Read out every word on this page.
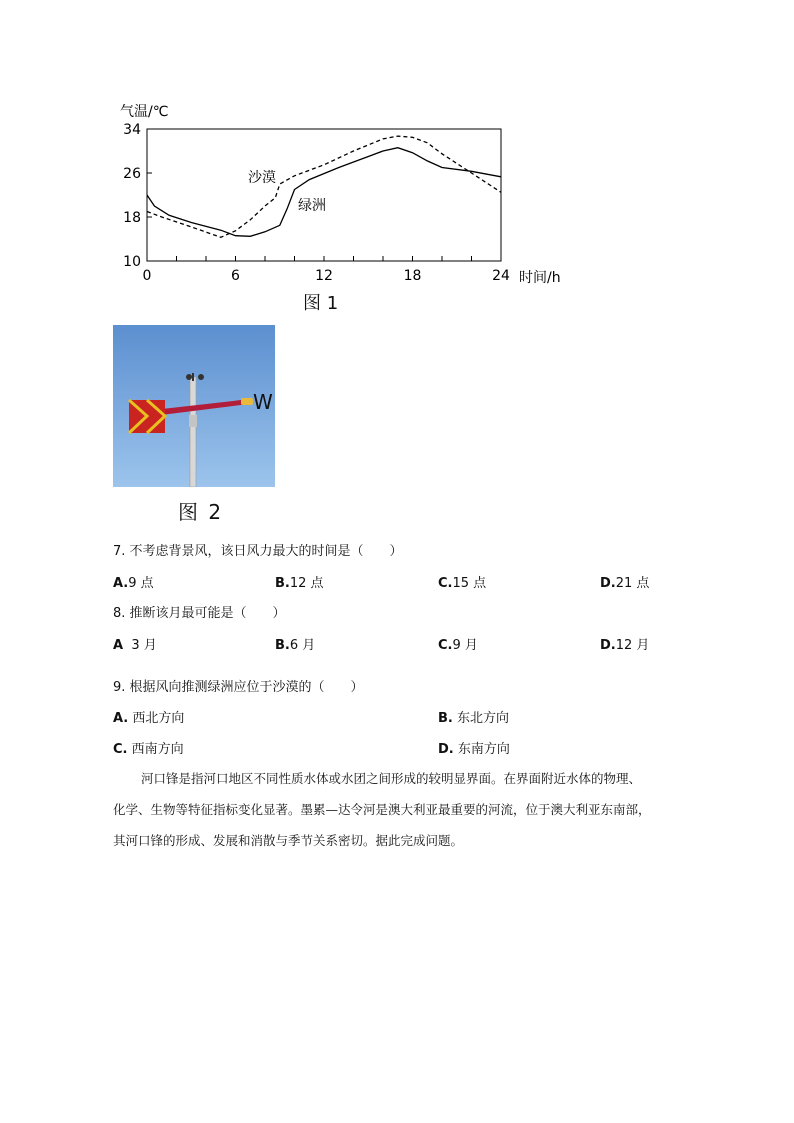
气温/℃
时间/h
10
18
26
34
0	6	12	18	24
沙漠
绿洲
图 1
W
图 2
7. 不考虑背景风，该日风力最大的时间是（　　）
A.9 点	B.12 点	C.15 点	D.21 点
8. 推断该月最可能是（　　）
A 3 月	B.6 月	C.9 月	D.12 月
9. 根据风向推测绿洲应位于沙漠的（　　）
A. 西北方向	B. 东北方向
C. 西南方向	D. 东南方向
河口锋是指河口地区不同性质水体或水团之间形成的较明显界面。在界面附近水体的物理、
化学、生物等特征指标变化显著。墨累—达令河是澳大利亚最重要的河流，位于澳大利亚东南部，
其河口锋的形成、发展和消散与季节关系密切。据此完成问题。
